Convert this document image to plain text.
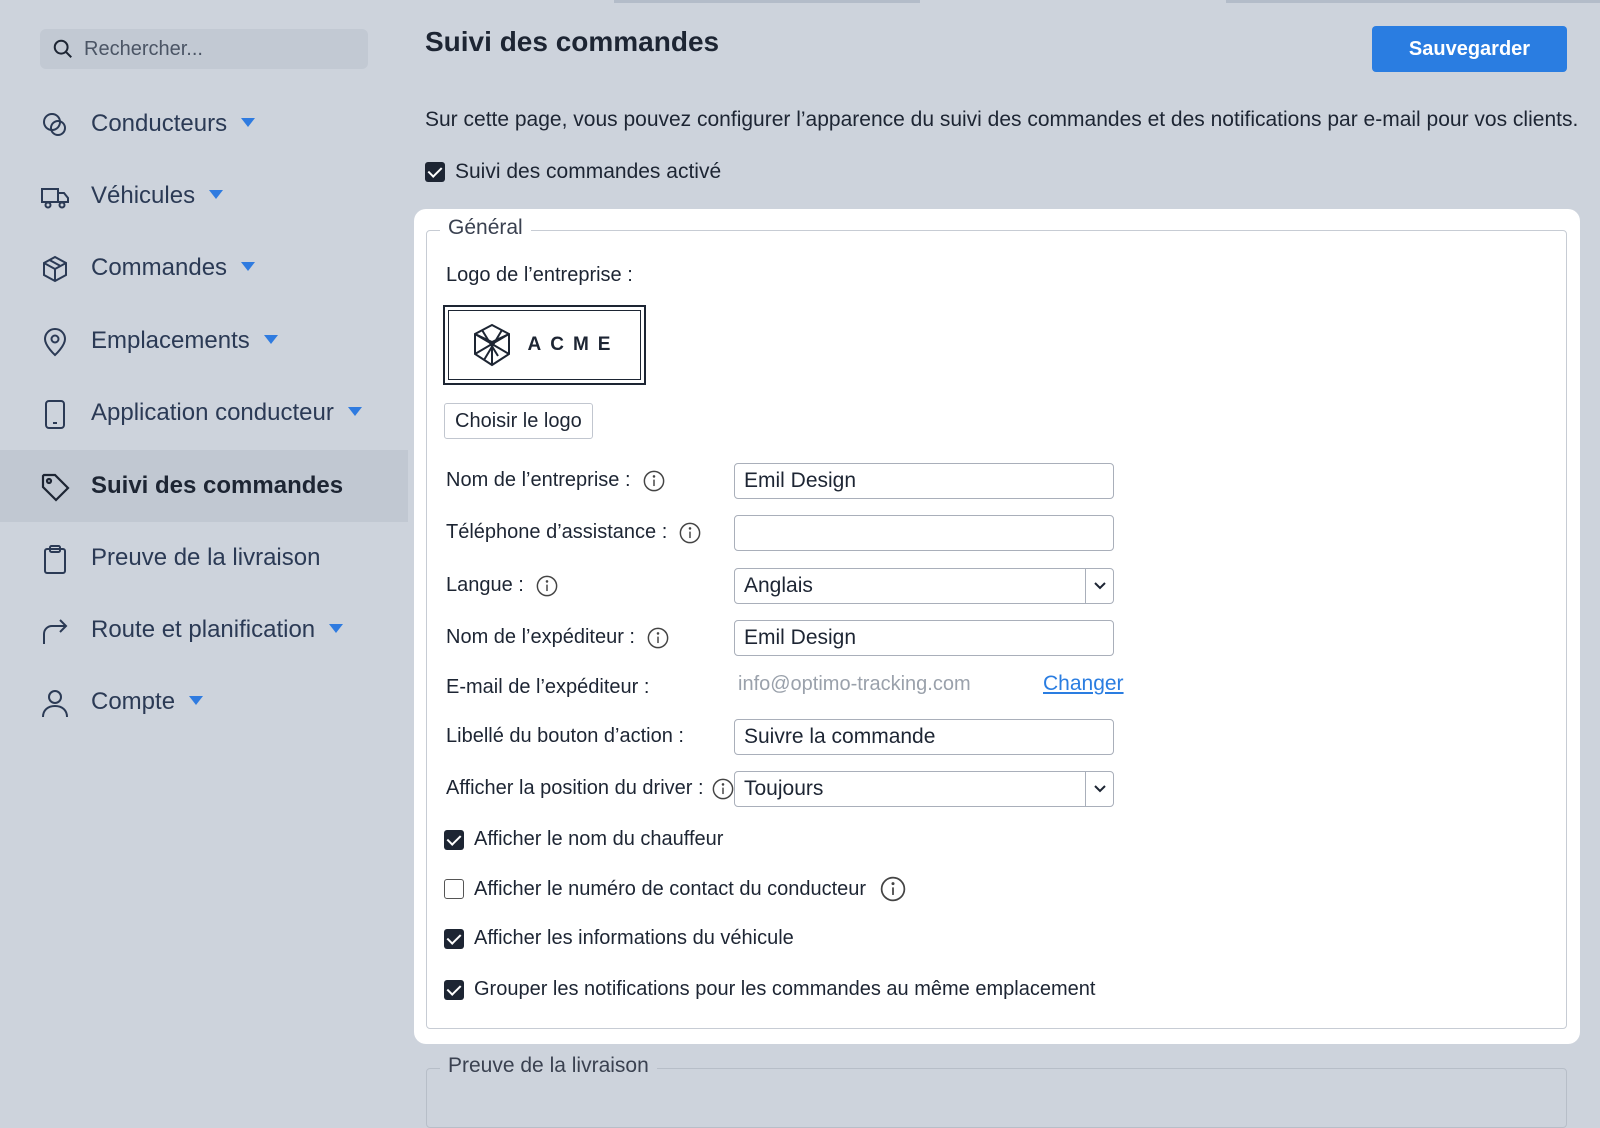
Rechercher...
Conducteurs
Véhicules
Commandes
Emplacements
Application conducteur
Suivi des commandes
Preuve de la livraison
Route et planification
Compte
Suivi des commandes	Sauvegarder
Sur cette page, vous pouvez configurer l’apparence du suivi des commandes et des notifications par e-mail pour vos clients.
Suivi des commandes activé
Général
Logo de l’entreprise :
ACME
Choisir le logo
Nom de l’entreprise :
Emil Design
Téléphone d’assistance :
Langue :	Anglais
Nom de l’expéditeur :
Emil Design
E-mail de l’expéditeur :	info@optimo-tracking.com	Changer
Libellé du bouton d’action :
Suivre la commande
Afficher la position du driver :	Toujours
Afficher le nom du chauffeur
Afficher le numéro de contact du conducteur
Afficher les informations du véhicule
Grouper les notifications pour les commandes au même emplacement
Preuve de la livraison
